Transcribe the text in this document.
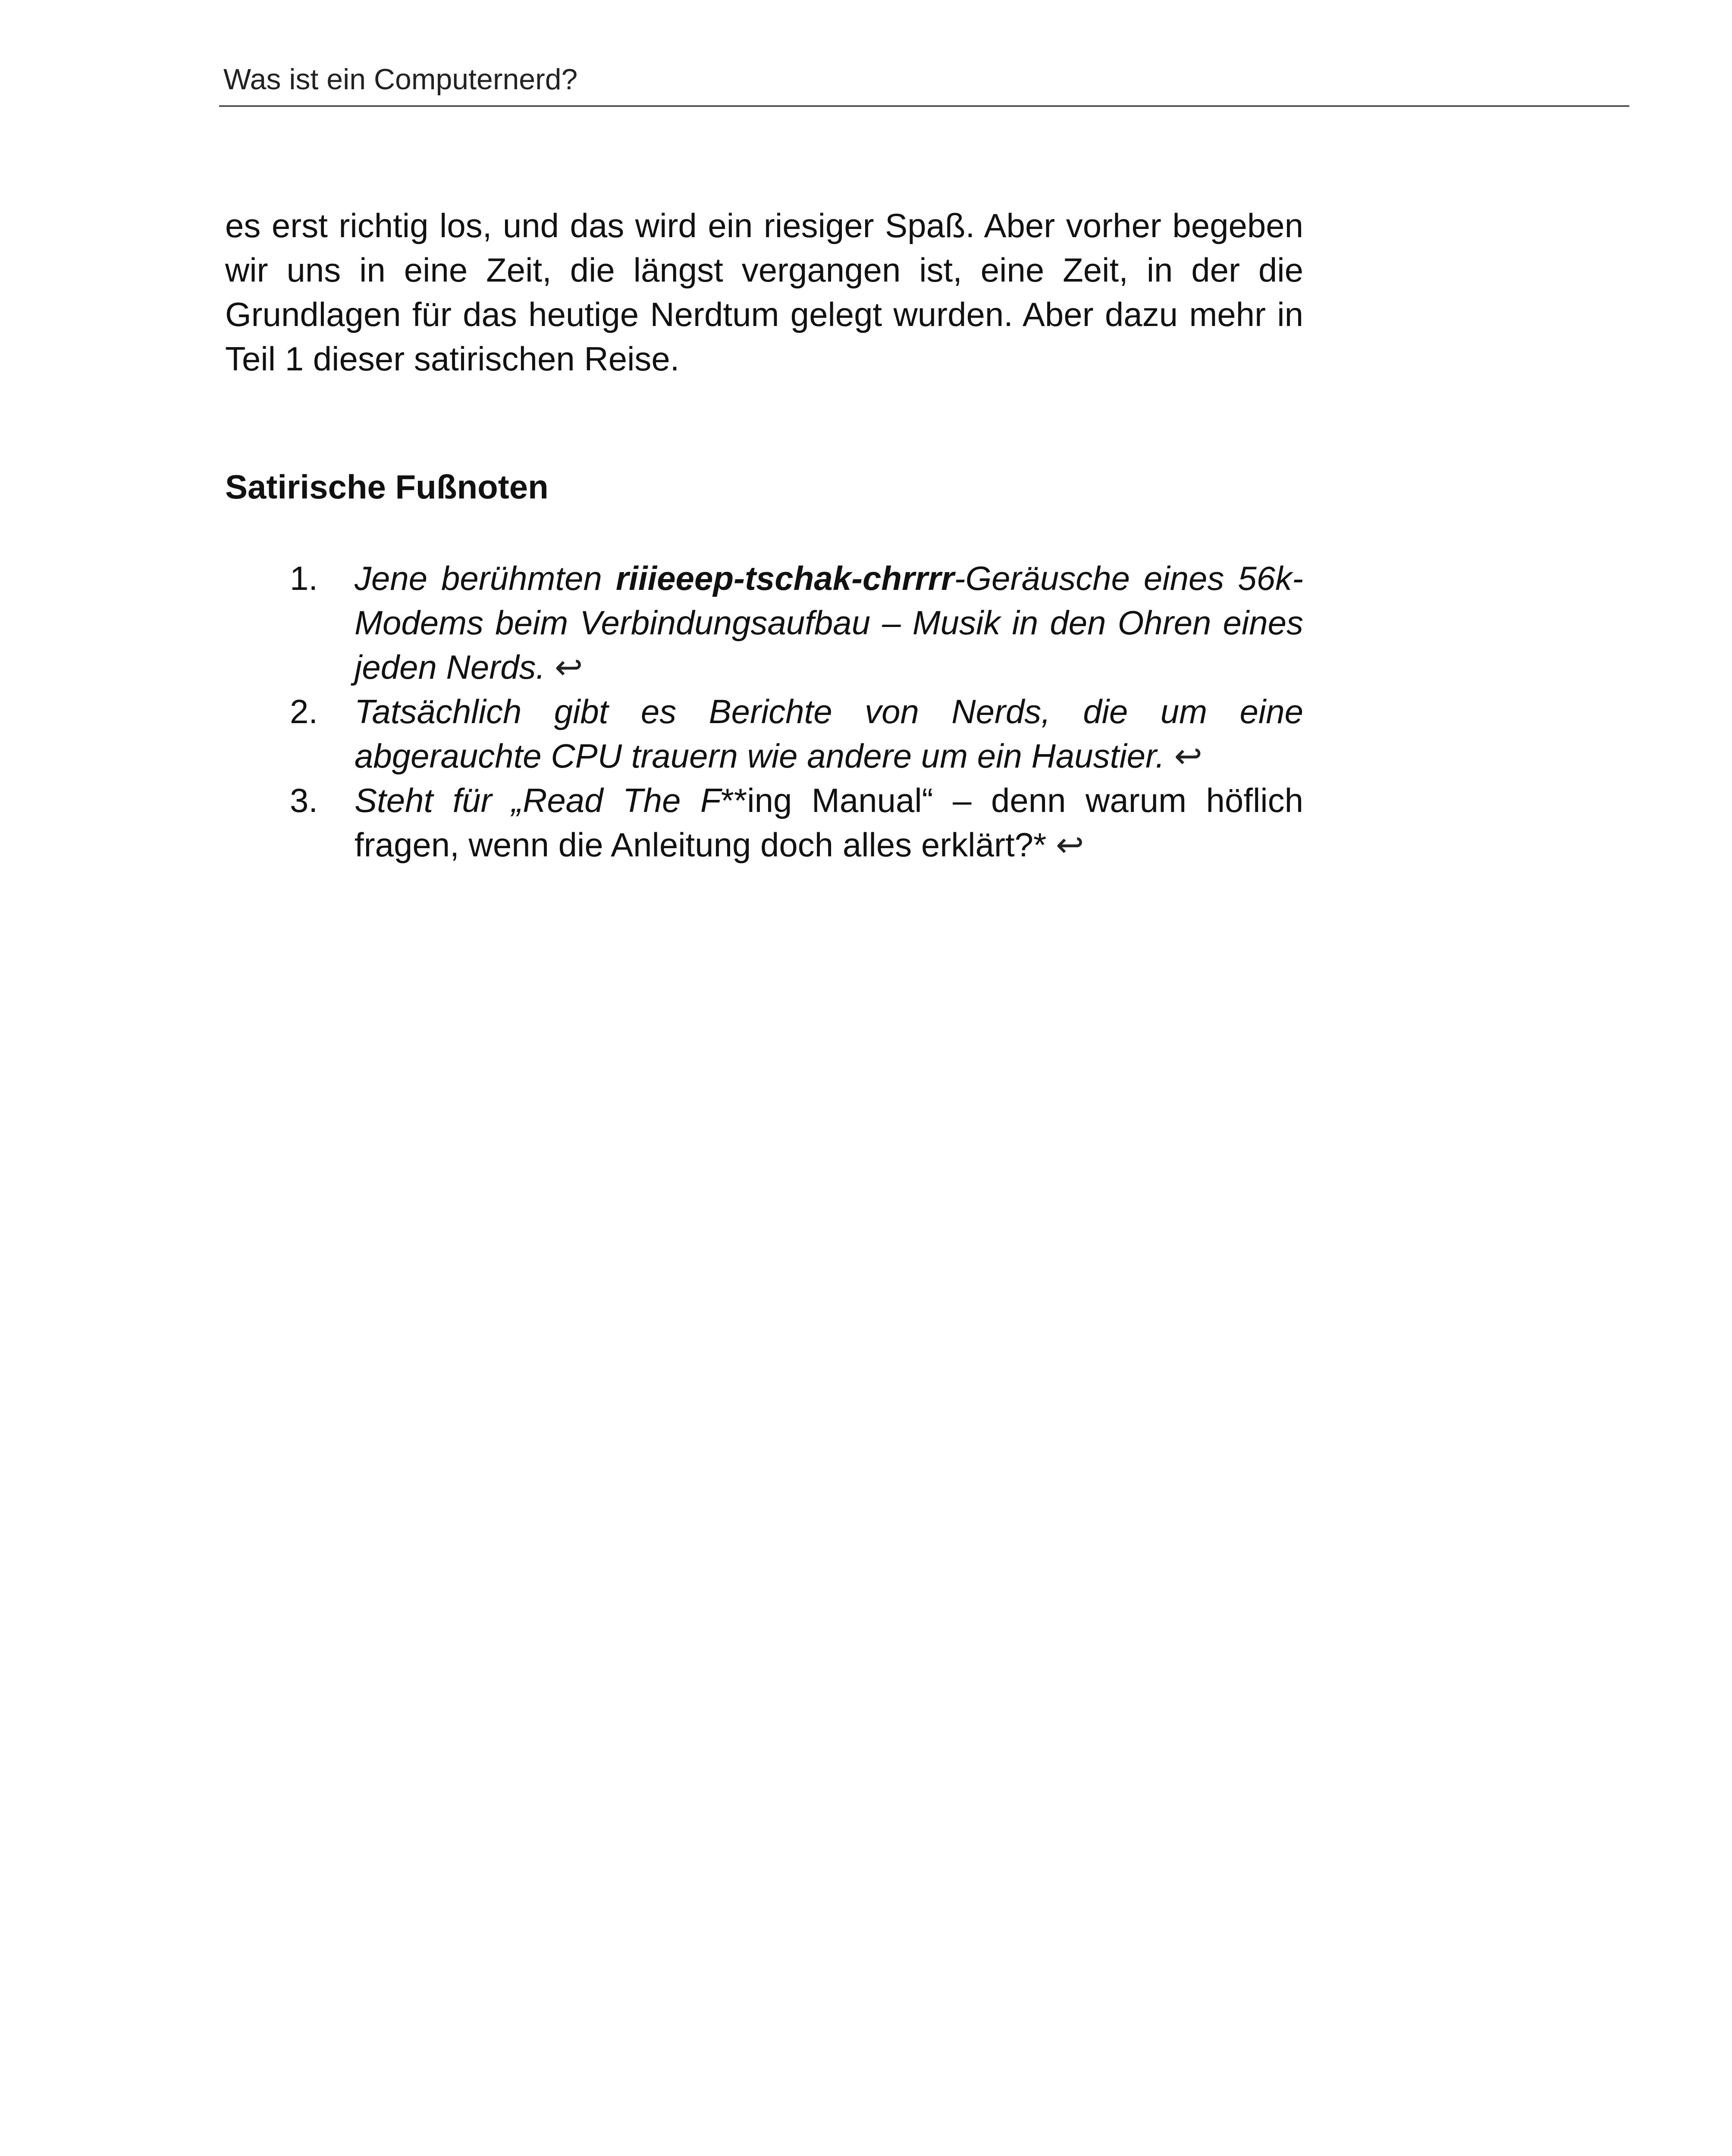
Was ist ein Computernerd?

es erst richtig los, und das wird ein riesiger Spaß. Aber vorher begeben wir uns in eine Zeit, die längst vergangen ist, eine Zeit, in der die Grundlagen für das heutige Nerdtum gelegt wurden. Aber dazu mehr in Teil 1 dieser satirischen Reise.

Satirische Fußnoten
1.	Jene berühmten riiieeep-tschak-chrrrr-Geräusche eines 56k-Modems beim Verbindungsaufbau – Musik in den Ohren eines jeden Nerds. ↩
2.	Tatsächlich gibt es Berichte von Nerds, die um eine abgerauchte CPU trauern wie andere um ein Haustier. ↩
3.	Steht für „Read The F**ing Manual“ – denn warum höflich fragen, wenn die Anleitung doch alles erklärt?* ↩
